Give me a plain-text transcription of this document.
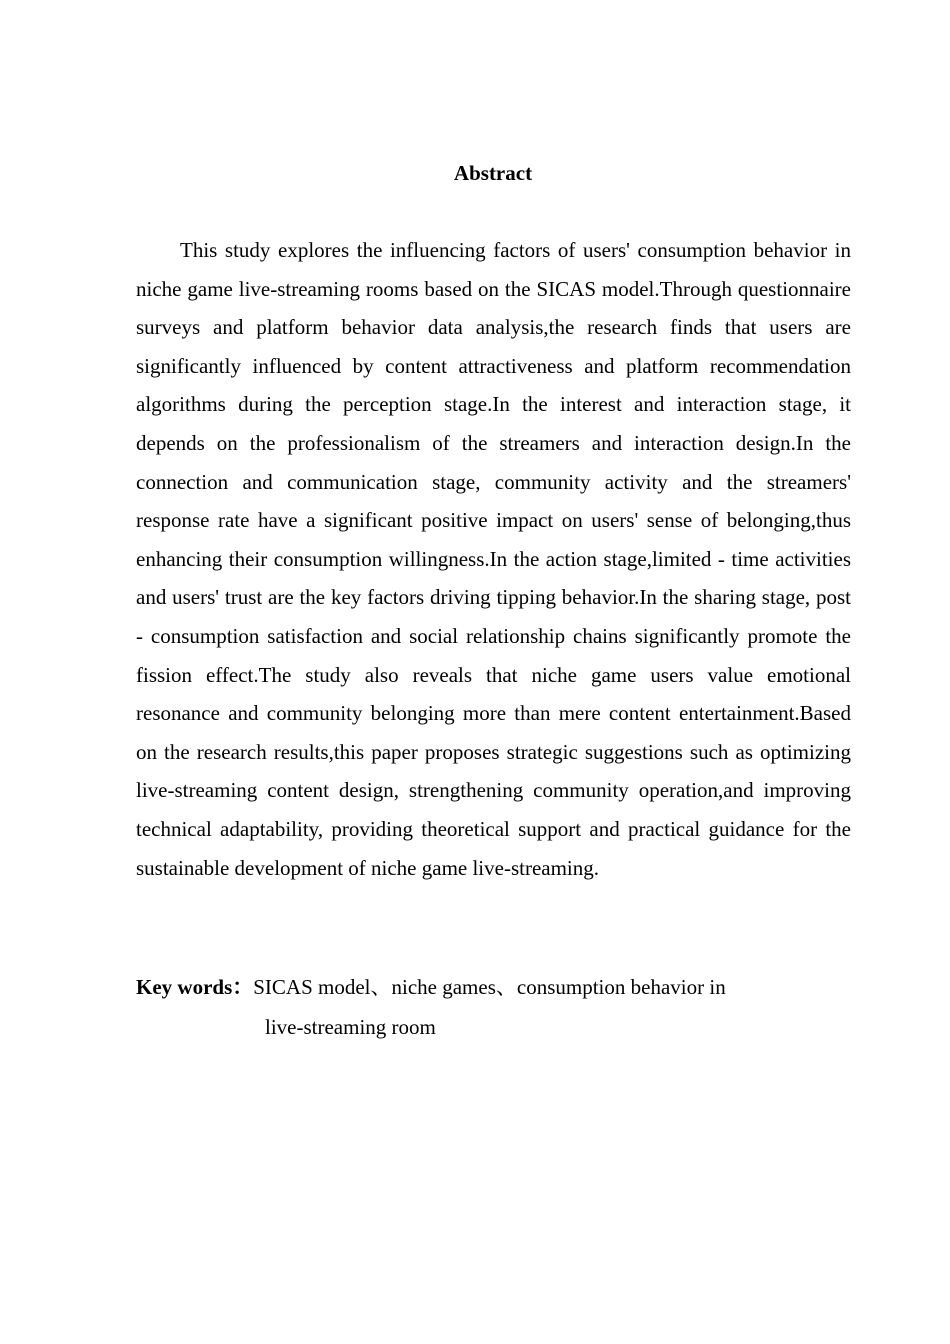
Abstract

This study explores the influencing factors of users' consumption behavior in niche game live-streaming rooms based on the SICAS model.Through questionnaire surveys and platform behavior data analysis,the research finds that users are significantly influenced by content attractiveness and platform recommendation algorithms during the perception stage.In the interest and interaction stage, it depends on the professionalism of the streamers and interaction design.In the connection and communication stage, community activity and the streamers' response rate have a significant positive impact on users' sense of belonging,thus enhancing their consumption willingness.In the action stage,limited - time activities and users' trust are the key factors driving tipping behavior.In the sharing stage, post - consumption satisfaction and social relationship chains significantly promote the fission effect.The study also reveals that niche game users value emotional resonance and community belonging more than mere content entertainment.Based on the research results,this paper proposes strategic suggestions such as optimizing live-streaming content design, strengthening community operation,and improving technical adaptability, providing theoretical support and practical guidance for the sustainable development of niche game live-streaming.

Key words：SICAS model、niche games、consumption behavior in
live-streaming room
